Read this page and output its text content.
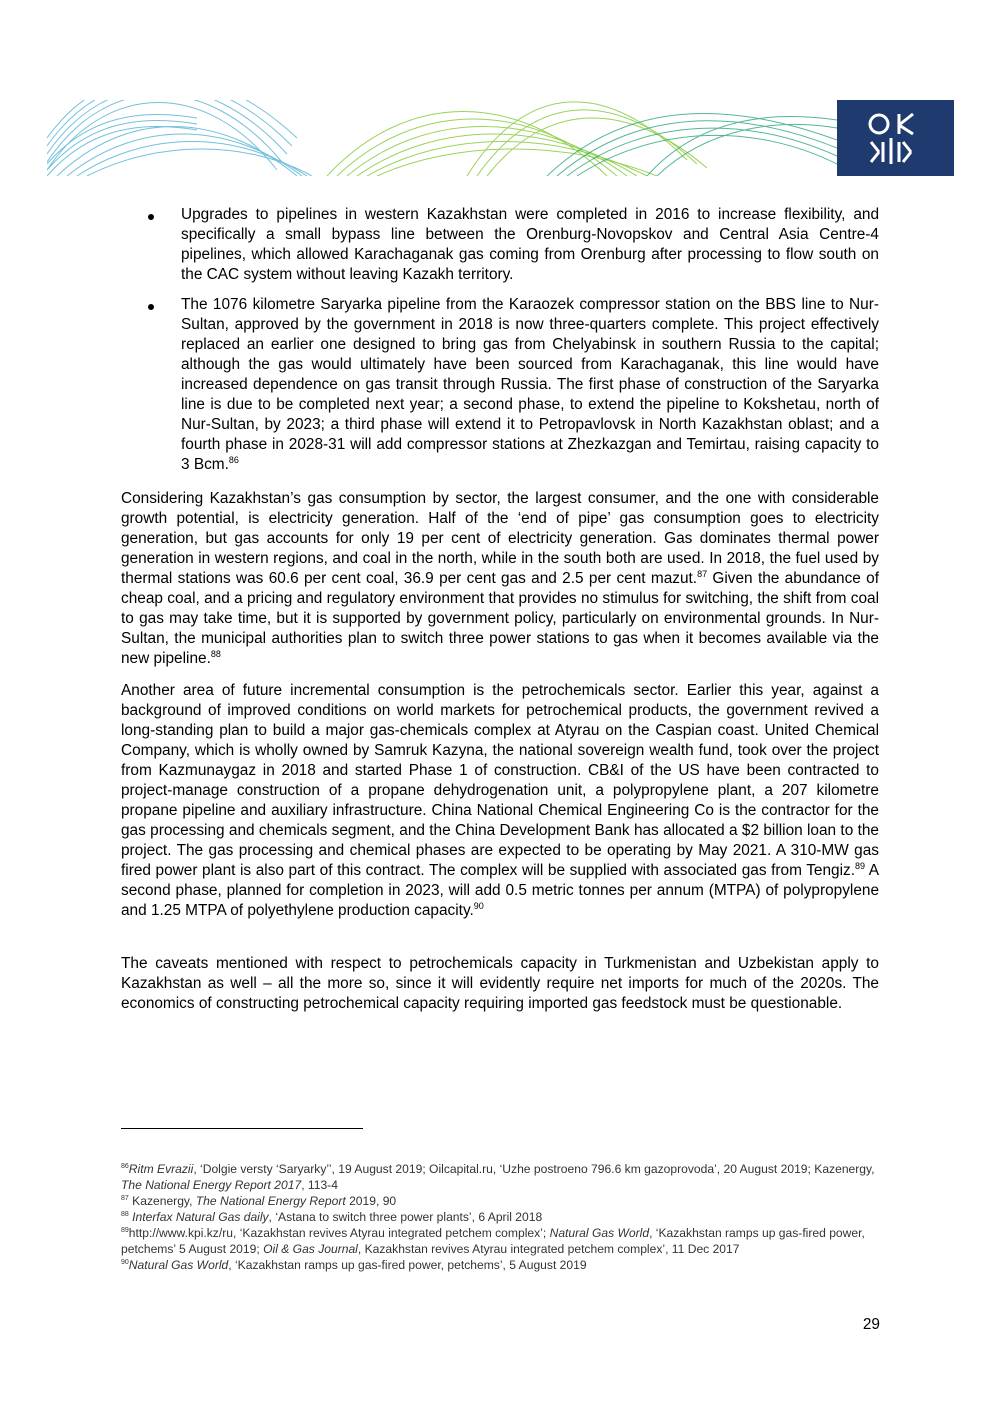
Upgrades to pipelines in western Kazakhstan were completed in 2016 to increase flexibility, and specifically a small bypass line between the Orenburg-Novopskov and Central Asia Centre-4 pipelines, which allowed Karachaganak gas coming from Orenburg after processing to flow south on the CAC system without leaving Kazakh territory.
The 1076 kilometre Saryarka pipeline from the Karaozek compressor station on the BBS line to Nur-Sultan, approved by the government in 2018 is now three-quarters complete. This project effectively replaced an earlier one designed to bring gas from Chelyabinsk in southern Russia to the capital; although the gas would ultimately have been sourced from Karachaganak, this line would have increased dependence on gas transit through Russia. The first phase of construction of the Saryarka line is due to be completed next year; a second phase, to extend the pipeline to Kokshetau, north of Nur-Sultan, by 2023; a third phase will extend it to Petropavlovsk in North Kazakhstan oblast; and a fourth phase in 2028-31 will add compressor stations at Zhezkazgan and Temirtau, raising capacity to 3 Bcm.$^{86}$

Considering Kazakhstan’s gas consumption by sector, the largest consumer, and the one with considerable growth potential, is electricity generation. Half of the ‘end of pipe’ gas consumption goes to electricity generation, but gas accounts for only 19 per cent of electricity generation. Gas dominates thermal power generation in western regions, and coal in the north, while in the south both are used. In 2018, the fuel used by thermal stations was 60.6 per cent coal, 36.9 per cent gas and 2.5 per cent mazut.$^{87}$ Given the abundance of cheap coal, and a pricing and regulatory environment that provides no stimulus for switching, the shift from coal to gas may take time, but it is supported by government policy, particularly on environmental grounds. In Nur-Sultan, the municipal authorities plan to switch three power stations to gas when it becomes available via the new pipeline.$^{88}$

Another area of future incremental consumption is the petrochemicals sector. Earlier this year, against a background of improved conditions on world markets for petrochemical products, the government revived a long-standing plan to build a major gas-chemicals complex at Atyrau on the Caspian coast. United Chemical Company, which is wholly owned by Samruk Kazyna, the national sovereign wealth fund, took over the project from Kazmunaygaz in 2018 and started Phase 1 of construction. CB&I of the US have been contracted to project-manage construction of a propane dehydrogenation unit, a polypropylene plant, a 207 kilometre propane pipeline and auxiliary infrastructure. China National Chemical Engineering Co is the contractor for the gas processing and chemicals segment, and the China Development Bank has allocated a $2 billion loan to the project. The gas processing and chemical phases are expected to be operating by May 2021. A 310-MW gas fired power plant is also part of this contract. The complex will be supplied with associated gas from Tengiz.$^{89}$ A second phase, planned for completion in 2023, will add 0.5 metric tonnes per annum (MTPA) of polypropylene and 1.25 MTPA of polyethylene production capacity.$^{90}$

The caveats mentioned with respect to petrochemicals capacity in Turkmenistan and Uzbekistan apply to Kazakhstan as well – all the more so, since it will evidently require net imports for much of the 2020s. The economics of constructing petrochemical capacity requiring imported gas feedstock must be questionable.

$^{86}$Ritm Evrazii, ‘Dolgie versty ‘Saryarky’’, 19 August 2019; Oilcapital.ru, ‘Uzhe postroeno 796.6 km gazoprovoda’, 20 August 2019; Kazenergy, The National Energy Report 2017, 113-4

$^{87}$ Kazenergy, The National Energy Report 2019, 90

$^{88}$ Interfax Natural Gas daily, ‘Astana to switch three power plants’, 6 April 2018

$^{89}$http://www.kpi.kz/ru, ‘Kazakhstan revives Atyrau integrated petchem complex’; Natural Gas World, ‘Kazakhstan ramps up gas-fired power, petchems’ 5 August 2019; Oil & Gas Journal, Kazakhstan revives Atyrau integrated petchem complex’, 11 Dec 2017

$^{90}$Natural Gas World, ‘Kazakhstan ramps up gas-fired power, petchems’, 5 August 2019

29
